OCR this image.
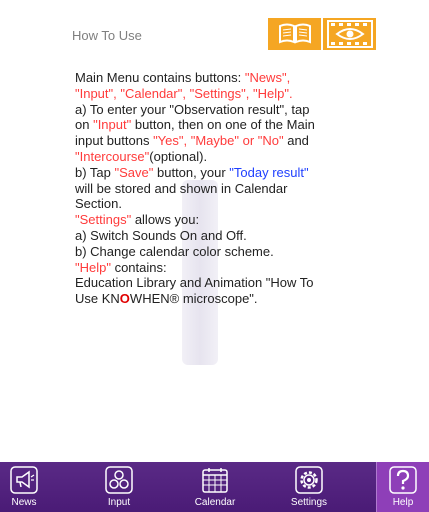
How To Use
Main Menu contains buttons: "News",
"Input", "Calendar", "Settings", "Help".
a) To enter your "Observation result", tap
on "Input" button, then on one of the Main
input buttons "Yes", "Maybe" or "No" and
"Intercourse"(optional).
b) Tap "Save" button, your "Today result"
will be stored and shown in Calendar
Section.
"Settings" allows you:
a) Switch Sounds On and Off.
b) Change calendar color scheme.
"Help" contains:
Education Library and Animation "How To
Use KNOWHEN® microscope".
News	Input	Calendar	Settings	Help
